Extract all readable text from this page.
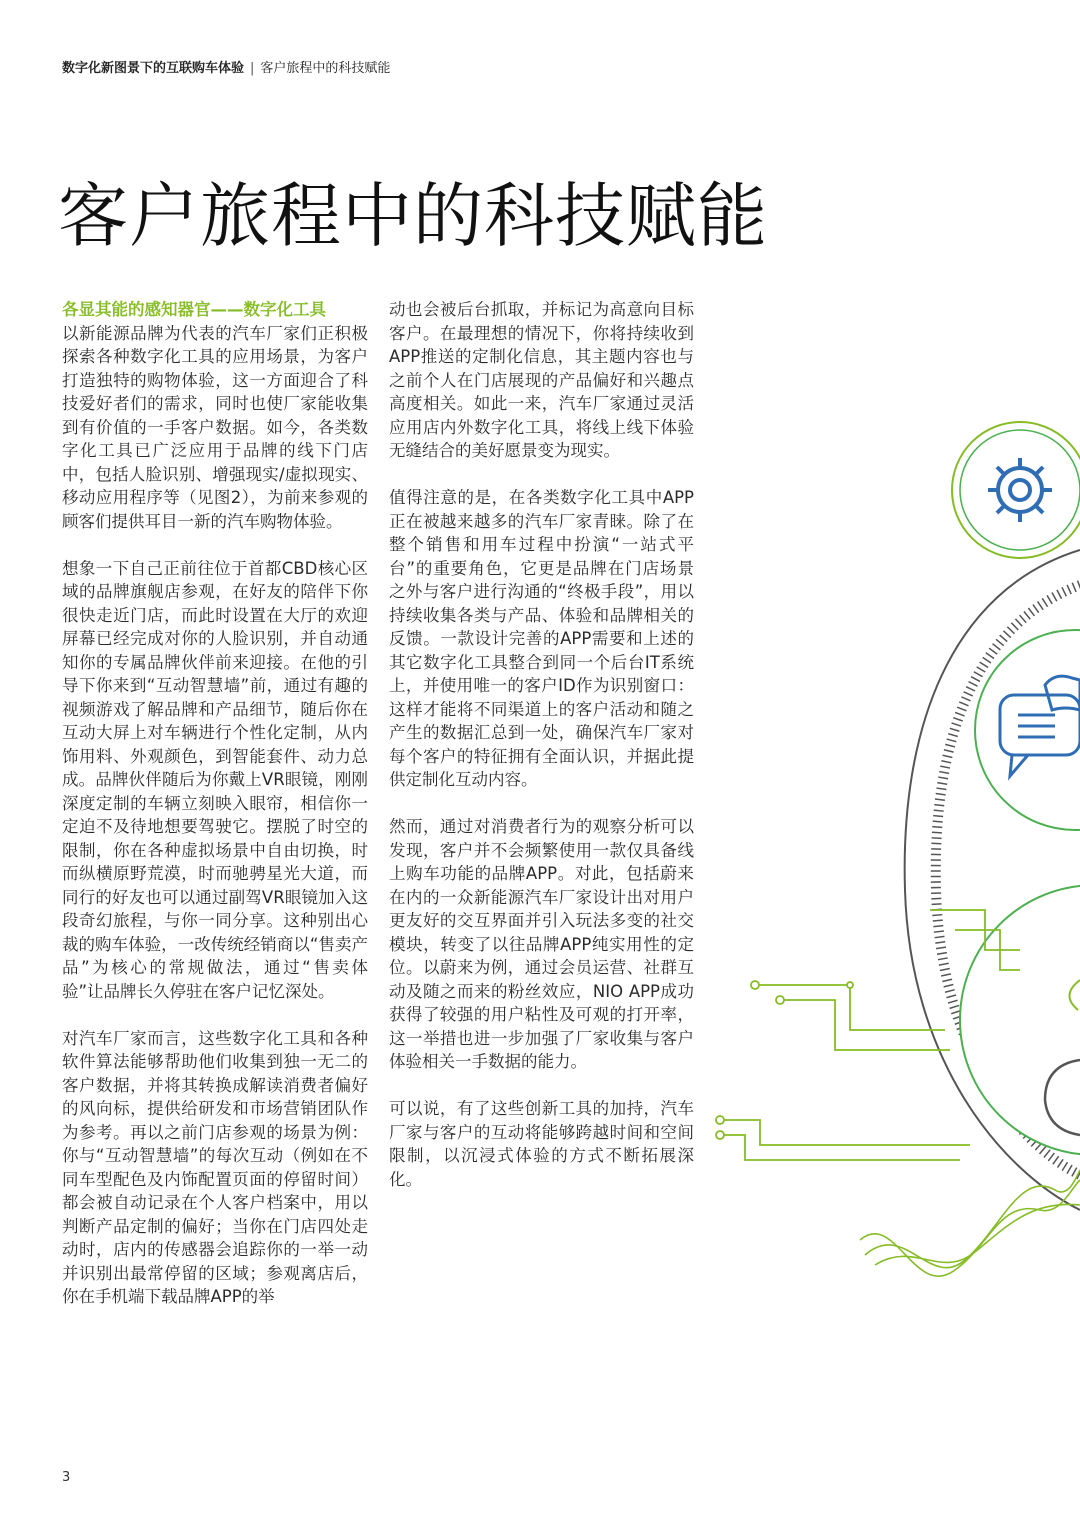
数字化新图景下的互联购车体验 | 客户旅程中的科技赋能
客户旅程中的科技赋能
各显其能的感知器官——数字化工具

以新能源品牌为代表的汽车厂家们正积极探索各种数字化工具的应用场景，为客户打造独特的购物体验，这一方面迎合了科技爱好者们的需求，同时也使厂家能收集到有价值的一手客户数据。如今，各类数字化工具已广泛应用于品牌的线下门店中，包括人脸识别、增强现实/虚拟现实、移动应用程序等（见图2），为前来参观的顾客们提供耳目一新的汽车购物体验。

想象一下自己正前往位于首都CBD核心区域的品牌旗舰店参观，在好友的陪伴下你很快走近门店，而此时设置在大厅的欢迎屏幕已经完成对你的人脸识别，并自动通知你的专属品牌伙伴前来迎接。在他的引导下你来到“互动智慧墙”前，通过有趣的视频游戏了解品牌和产品细节，随后你在互动大屏上对车辆进行个性化定制，从内饰用料、外观颜色，到智能套件、动力总成。品牌伙伴随后为你戴上VR眼镜，刚刚深度定制的车辆立刻映入眼帘，相信你一定迫不及待地想要驾驶它。摆脱了时空的限制，你在各种虚拟场景中自由切换，时而纵横原野荒漠，时而驰骋星光大道，而同行的好友也可以通过副驾VR眼镜加入这段奇幻旅程，与你一同分享。这种别出心裁的购车体验，一改传统经销商以“售卖产品”为核心的常规做法，通过“售卖体验”让品牌长久停驻在客户记忆深处。

对汽车厂家而言，这些数字化工具和各种软件算法能够帮助他们收集到独一无二的客户数据，并将其转换成解读消费者偏好的风向标，提供给研发和市场营销团队作为参考。再以之前门店参观的场景为例：你与“互动智慧墙”的每次互动（例如在不同车型配色及内饰配置页面的停留时间）都会被自动记录在个人客户档案中，用以判断产品定制的偏好；当你在门店四处走动时，店内的传感器会追踪你的一举一动并识别出最常停留的区域；参观离店后，你在手机端下载品牌APP的举

动也会被后台抓取，并标记为高意向目标客户。在最理想的情况下，你将持续收到APP推送的定制化信息，其主题内容也与之前个人在门店展现的产品偏好和兴趣点高度相关。如此一来，汽车厂家通过灵活应用店内外数字化工具，将线上线下体验无缝结合的美好愿景变为现实。

值得注意的是，在各类数字化工具中APP正在被越来越多的汽车厂家青睐。除了在整个销售和用车过程中扮演“一站式平台”的重要角色，它更是品牌在门店场景之外与客户进行沟通的“终极手段”，用以持续收集各类与产品、体验和品牌相关的反馈。一款设计完善的APP需要和上述的其它数字化工具整合到同一个后台IT系统上，并使用唯一的客户ID作为识别窗口：这样才能将不同渠道上的客户活动和随之产生的数据汇总到一处，确保汽车厂家对每个客户的特征拥有全面认识，并据此提供定制化互动内容。

然而，通过对消费者行为的观察分析可以发现，客户并不会频繁使用一款仅具备线上购车功能的品牌APP。对此，包括蔚来在内的一众新能源汽车厂家设计出对用户更友好的交互界面并引入玩法多变的社交模块，转变了以往品牌APP纯实用性的定位。以蔚来为例，通过会员运营、社群互动及随之而来的粉丝效应，NIO APP成功获得了较强的用户粘性及可观的打开率，这一举措也进一步加强了厂家收集与客户体验相关一手数据的能力。

可以说，有了这些创新工具的加持，汽车厂家与客户的互动将能够跨越时间和空间限制，以沉浸式体验的方式不断拓展深化。

3
